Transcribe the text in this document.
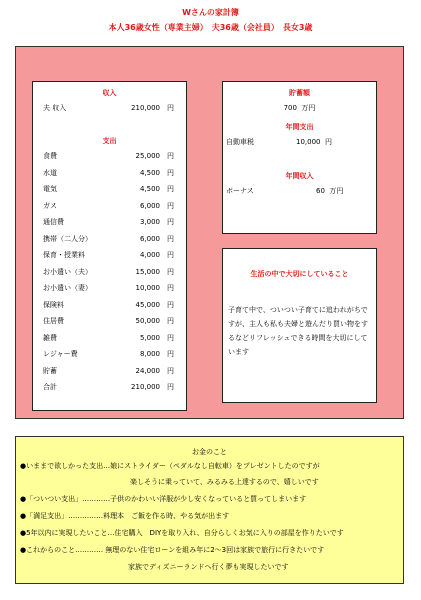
Wさんの家計簿
本人36歳女性（専業主婦）　夫36歳（会社員）　長女3歳
収入
夫 収入	210,000 円
支出
食費	25,000 円
水道	4,500 円
電気	4,500 円
ガス	6,000 円
通信費	3,000 円
携帯（二人分）	6,000 円
保育・授業料	4,000 円
お小遣い（夫）	15,000 円
お小遣い（妻）	10,000 円
保険料	45,000 円
住居費	50,000 円
雑費	5,000 円
レジャー費	8,000 円
貯蓄	24,000 円
合計	210,000 円
貯蓄額
700 万円
年間支出
自動車税	10,000 円
年間収入
ボーナス	60 万円
生活の中で大切にしていること
子育て中で、ついつい子育てに追われがちですが、主人も私も夫婦と遊んだり買い物をするなどリフレッシュできる時間を大切にしています
お金のこと
●いままで欲しかった支出…娘にストライダー（ペダルなし自転車）をプレゼントしたのですが
楽しそうに乗っていて、みるみる上達するので、嬉しいです
●「ついつい支出」…………子供のかわいい洋服が少し安くなっていると買ってしまいます
●「満足支出」……………料理本　ご飯を作る時、やる気が出ます
●5年以内に実現したいこと…住宅購入　DIYを取り入れ、自分らしくお気に入りの部屋を作りたいです
●これからのこと………… 無理のない住宅ローンを組み年に2～3回は家族で旅行に行きたいです
家族でディズニーランドへ行く夢も実現したいです
